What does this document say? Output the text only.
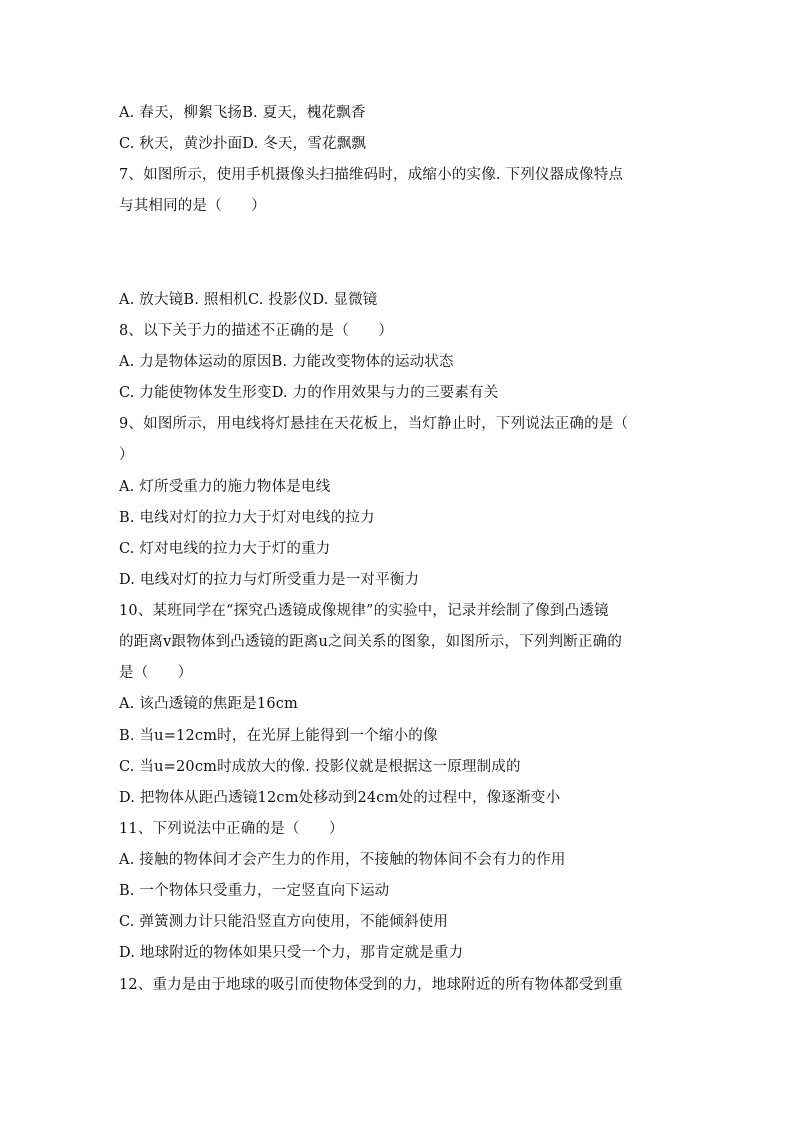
A. 春天，柳絮飞扬B. 夏天，槐花飘香
C. 秋天，黄沙扑面D. 冬天，雪花飘飘
7、如图所示，使用手机摄像头扫描维码时，成缩小的实像. 下列仪器成像特点
与其相同的是（　　）
A. 放大镜B. 照相机C. 投影仪D. 显微镜
8、以下关于力的描述不正确的是（　　）
A. 力是物体运动的原因B. 力能改变物体的运动状态
C. 力能使物体发生形变D. 力的作用效果与力的三要素有关
9、如图所示，用电线将灯悬挂在天花板上，当灯静止时，下列说法正确的是（
）
A. 灯所受重力的施力物体是电线
B. 电线对灯的拉力大于灯对电线的拉力
C. 灯对电线的拉力大于灯的重力
D. 电线对灯的拉力与灯所受重力是一对平衡力
10、某班同学在“探究凸透镜成像规律”的实验中，记录并绘制了像到凸透镜
的距离v跟物体到凸透镜的距离u之间关系的图象，如图所示，下列判断正确的
是（　　）
A. 该凸透镜的焦距是16cm
B. 当u=12cm时，在光屏上能得到一个缩小的像
C. 当u=20cm时成放大的像. 投影仪就是根据这一原理制成的
D. 把物体从距凸透镜12cm处移动到24cm处的过程中，像逐渐变小
11、下列说法中正确的是（　　）
A. 接触的物体间才会产生力的作用，不接触的物体间不会有力的作用
B. 一个物体只受重力，一定竖直向下运动
C. 弹簧测力计只能沿竖直方向使用，不能倾斜使用
D. 地球附近的物体如果只受一个力，那肯定就是重力
12、重力是由于地球的吸引而使物体受到的力，地球附近的所有物体都受到重
